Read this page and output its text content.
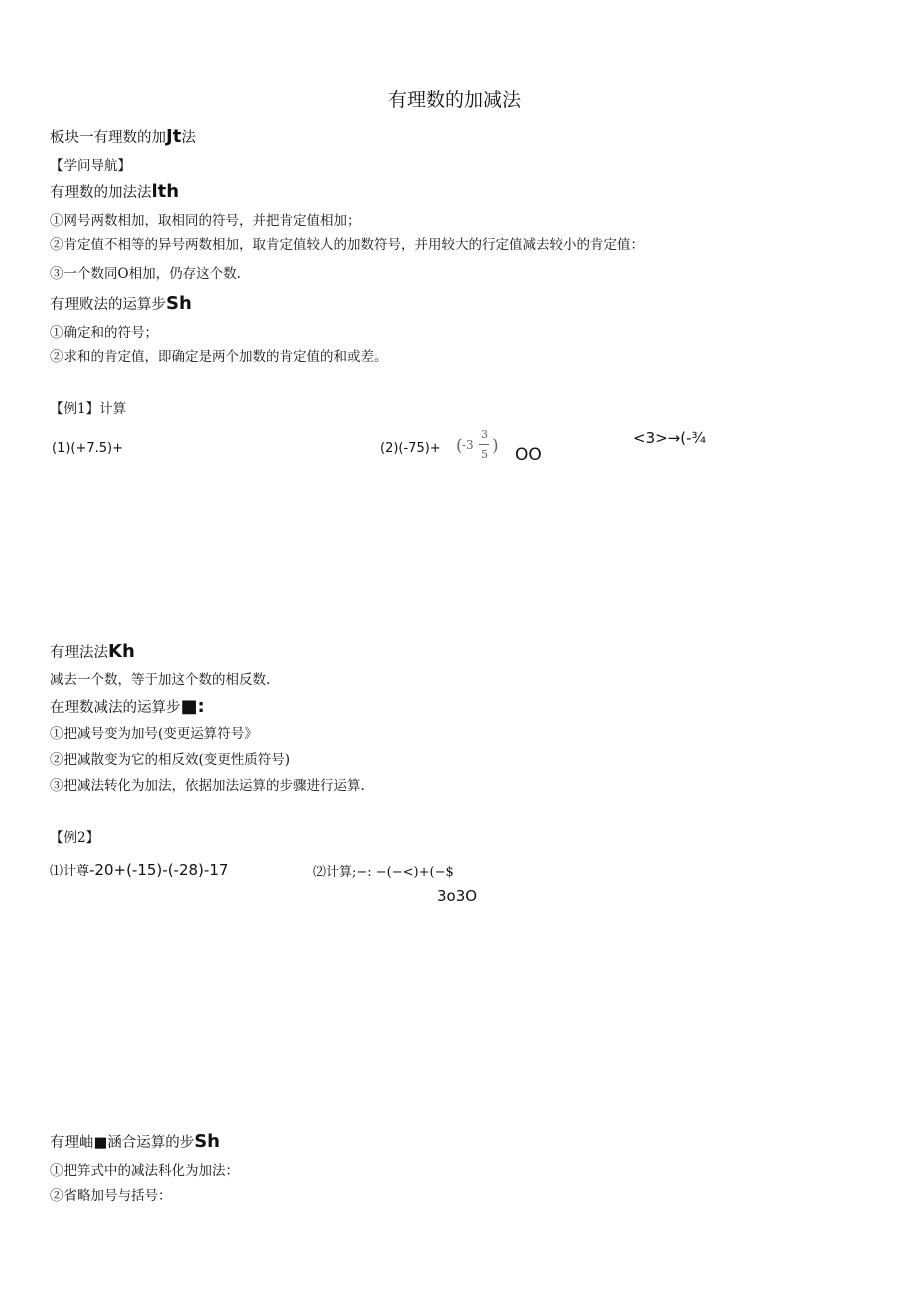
有理数的加减法
板块一有理数的加Jt法
【学问导航】
有理数的加法法lth
①网号两数相加，取相同的符号，并把肯定值相加；
②肯定值不相等的异号两数相加，取肯定值较人的加数符号，并用较大的行定值减去较小的肯定值：
③一个数同O相加，仍存这个数.
有理败法的运算步Sh
①确定和的符号；
②求和的肯定值，即确定是两个加数的肯定值的和或差。
【例1】计算
(1)(+7.5)+	(2)(-75)+ ( -3
3
5 ) OO
<3>→(-¾
有理法法Kh
减去一个数，等于加这个数的相反数.
在理数减法的运算步■:
①把减号变为加号(变更运算符号》
②把减散变为它的相反效(变更性质符号)
③把减法转化为加法，依据加法运算的步骤进行运算.
【例2】
⑴计尊-20+(-15)-(-28)-17	⑵计算;−: −(−<)+(−$
3o3O
有理岫■涵合运算的步Sh
①把笄式中的减法科化为加法：
②省略加号与括号：
